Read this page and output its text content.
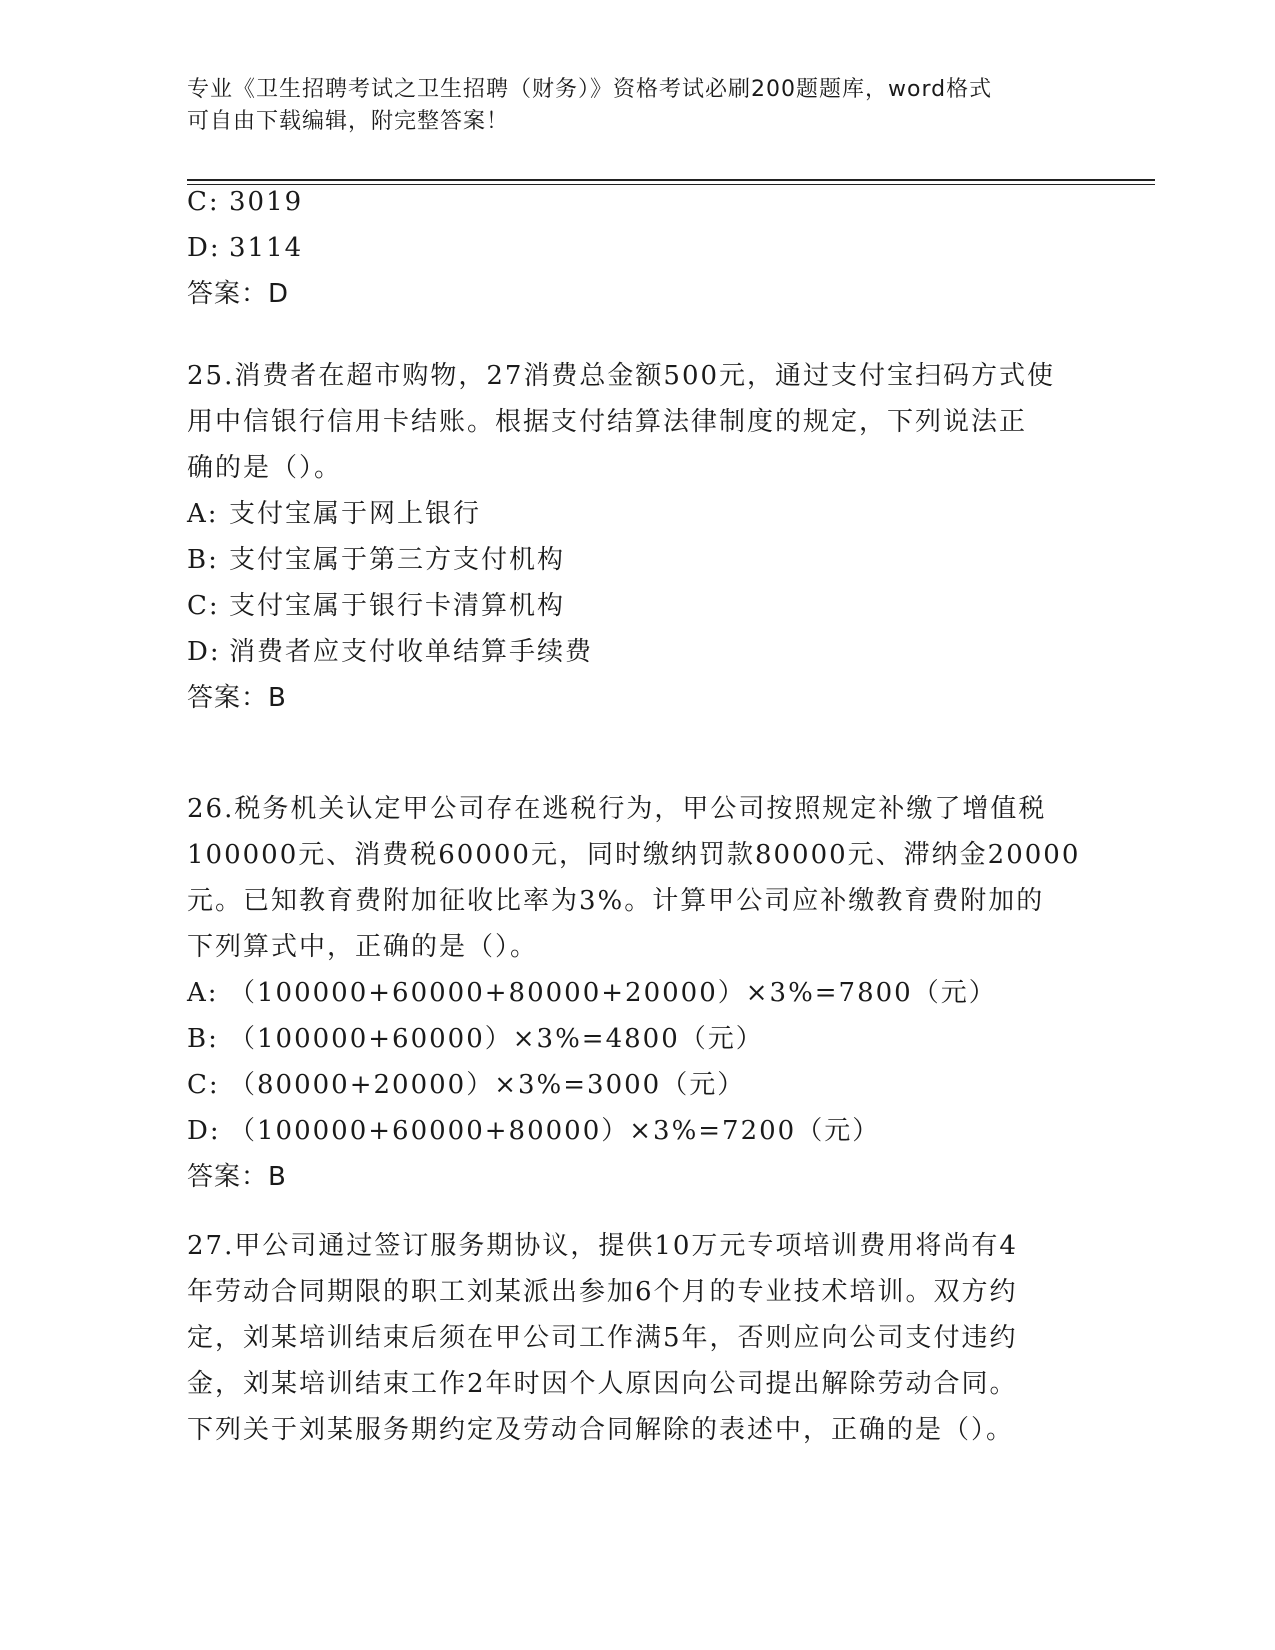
专业《卫生招聘考试之卫生招聘（财务）》资格考试必刷200题题库，word格式
可自由下载编辑，附完整答案！
C: 3019
D: 3114
答案：D
25.消费者在超市购物，27消费总金额500元，通过支付宝扫码方式使
用中信银行信用卡结账。根据支付结算法律制度的规定，下列说法正
确的是（）。
A: 支付宝属于网上银行
B: 支付宝属于第三方支付机构
C: 支付宝属于银行卡清算机构
D: 消费者应支付收单结算手续费
答案：B
26.税务机关认定甲公司存在逃税行为，甲公司按照规定补缴了增值税
100000元、消费税60000元，同时缴纳罚款80000元、滞纳金20000
元。已知教育费附加征收比率为3%。计算甲公司应补缴教育费附加的
下列算式中，正确的是（）。
A: （100000+60000+80000+20000）×3%=7800（元）
B: （100000+60000）×3%=4800（元）
C: （80000+20000）×3%=3000（元）
D: （100000+60000+80000）×3%=7200（元）
答案：B
27.甲公司通过签订服务期协议，提供10万元专项培训费用将尚有4
年劳动合同期限的职工刘某派出参加6个月的专业技术培训。双方约
定，刘某培训结束后须在甲公司工作满5年，否则应向公司支付违约
金，刘某培训结束工作2年时因个人原因向公司提出解除劳动合同。
下列关于刘某服务期约定及劳动合同解除的表述中，正确的是（）。
